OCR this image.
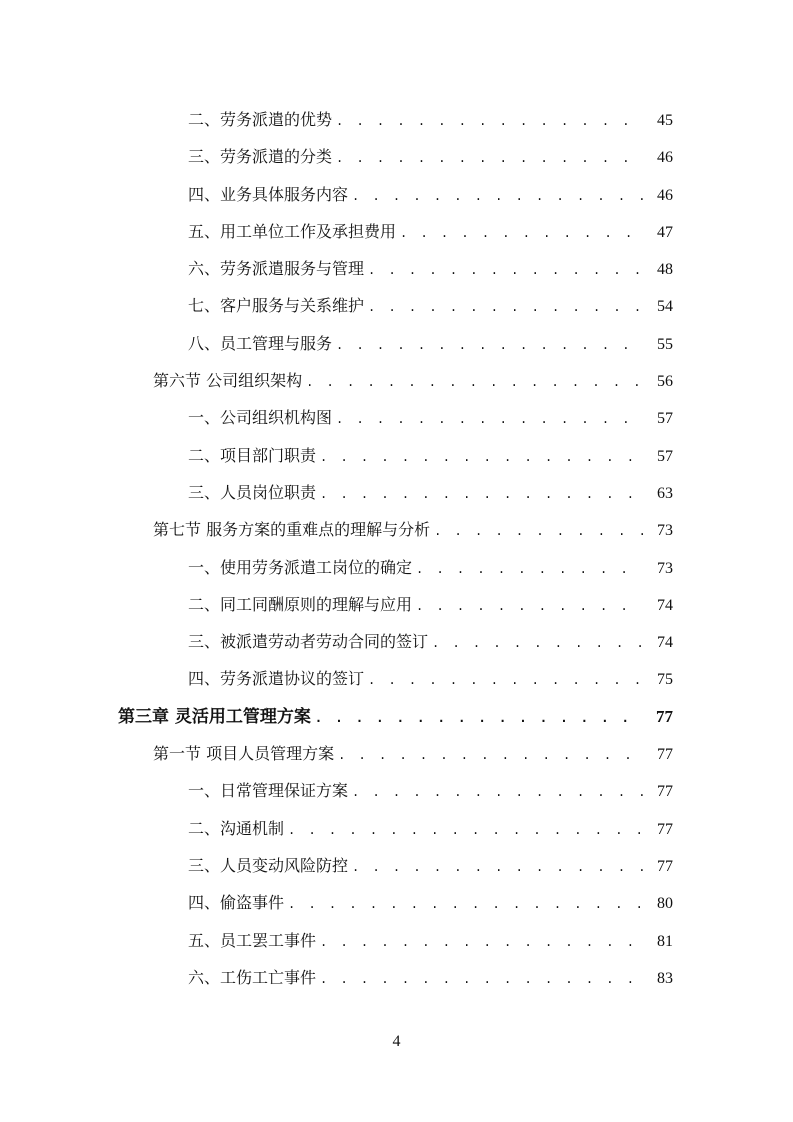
二、劳务派遣的优势 . . .	45
三、劳务派遣的分类 . . .	46
四、业务具体服务内容 . . .	46
五、用工单位工作及承担费用 . . .	47
六、劳务派遣服务与管理 . . .	48
七、客户服务与关系维护 . . .	54
八、员工管理与服务 . . .	55
第六节 公司组织架构 . . .	56
一、公司组织机构图 . . .	57
二、项目部门职责 . . .	57
三、人员岗位职责 . . .	63
第七节 服务方案的重难点的理解与分析 . . .	73
一、使用劳务派遣工岗位的确定 . . .	73
二、同工同酬原则的理解与应用 . . .	74
三、被派遣劳动者劳动合同的签订 . . .	74
四、劳务派遣协议的签订 . . .	75
第三章 灵活用工管理方案 . . .	77
第一节 项目人员管理方案 . . .	77
一、日常管理保证方案 . . .	77
二、沟通机制 . . .	77
三、人员变动风险防控 . . .	77
四、偷盗事件 . . .	80
五、员工罢工事件 . . .	81
六、工伤工亡事件 . . .	83
4
